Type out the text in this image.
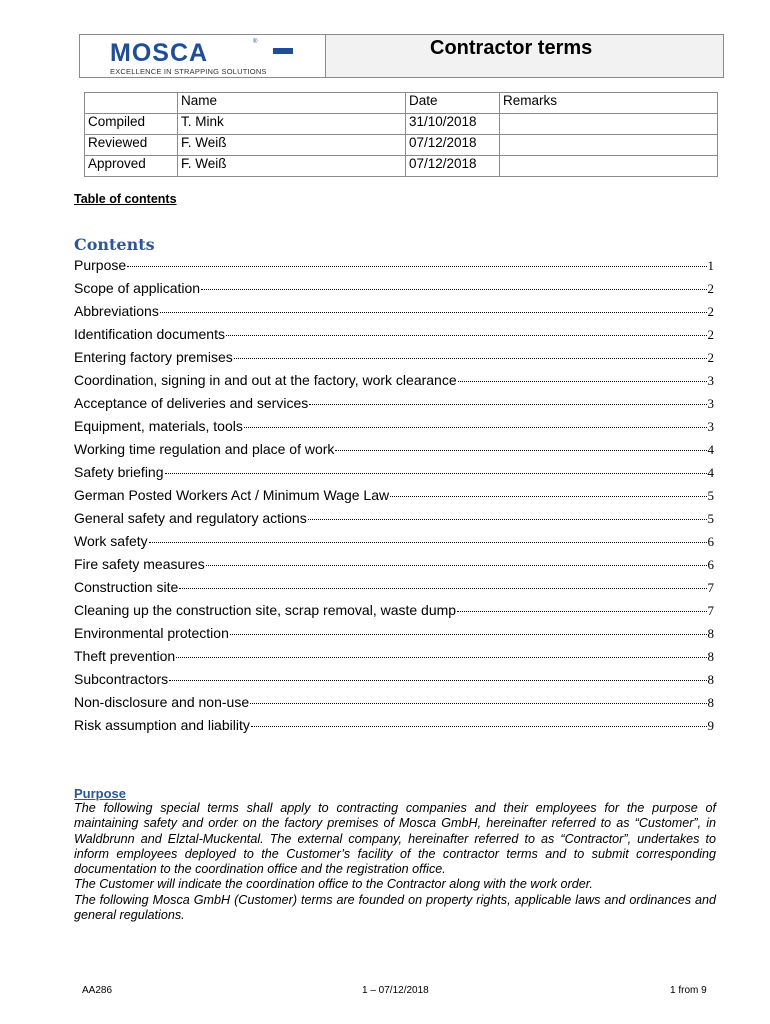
MOSCA	®
EXCELLENCE IN STRAPPING SOLUTIONS
Contractor terms
	Name	Date	Remarks
Compiled	T. Mink	31/10/2018	
Reviewed	F. Weiß	07/12/2018	
Approved	F. Weiß	07/12/2018	
Table of contents
Contents
Purpose	1
Scope of application	2
Abbreviations	2
Identification documents	2
Entering factory premises	2
Coordination, signing in and out at the factory, work clearance	3
Acceptance of deliveries and services	3
Equipment, materials, tools	3
Working time regulation and place of work	4
Safety briefing	4
German Posted Workers Act / Minimum Wage Law	5
General safety and regulatory actions	5
Work safety	6
Fire safety measures	6
Construction site	7
Cleaning up the construction site, scrap removal, waste dump	7
Environmental protection	8
Theft prevention	8
Subcontractors	8
Non-disclosure and non-use	8
Risk assumption and liability	9
Purpose

The following special terms shall apply to contracting companies and their employees for the purpose of maintaining safety and order on the factory premises of Mosca GmbH, hereinafter referred to as “Customer”, in Waldbrunn and Elztal-Muckental. The external company, hereinafter referred to as “Contractor”, undertakes to inform employees deployed to the Customer’s facility of the contractor terms and to submit corresponding documentation to the coordination office and the registration office.

The Customer will indicate the coordination office to the Contractor along with the work order.

The following Mosca GmbH (Customer) terms are founded on property rights, applicable laws and ordinances and general regulations.

AA286	1 – 07/12/2018	1 from 9
